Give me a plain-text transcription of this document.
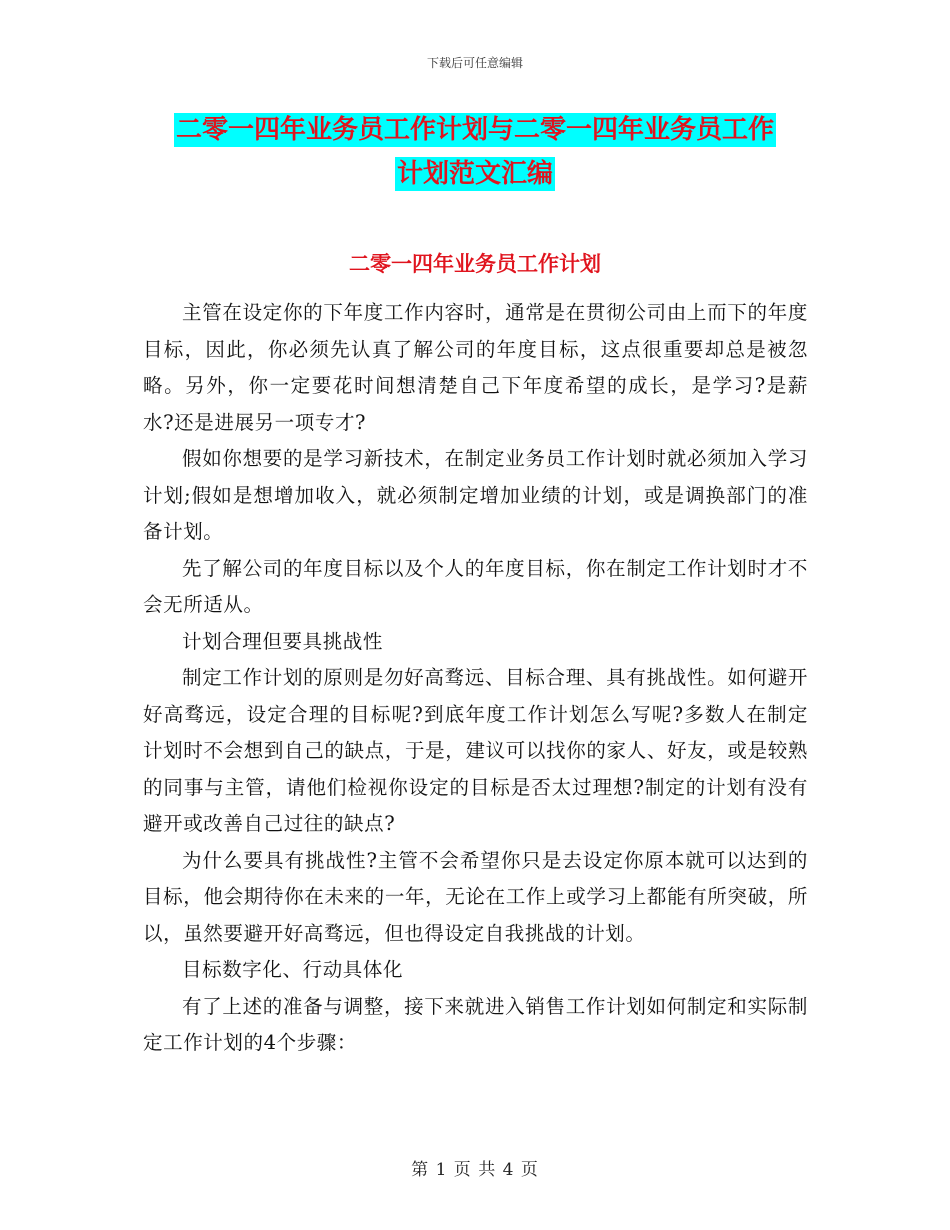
下载后可任意编辑
二零一四年业务员工作计划与二零一四年业务员工作
计划范文汇编
二零一四年业务员工作计划

主管在设定你的下年度工作内容时，通常是在贯彻公司由上而下的年度目标，因此，你必须先认真了解公司的年度目标，这点很重要却总是被忽略。另外，你一定要花时间想清楚自己下年度希望的成长，是学习?是薪水?还是进展另一项专才?

假如你想要的是学习新技术，在制定业务员工作计划时就必须加入学习计划;假如是想增加收入，就必须制定增加业绩的计划，或是调换部门的准备计划。

先了解公司的年度目标以及个人的年度目标，你在制定工作计划时才不会无所适从。

计划合理但要具挑战性

制定工作计划的原则是勿好高骛远、目标合理、具有挑战性。如何避开好高骛远，设定合理的目标呢?到底年度工作计划怎么写呢?多数人在制定计划时不会想到自己的缺点，于是，建议可以找你的家人、好友，或是较熟的同事与主管，请他们检视你设定的目标是否太过理想?制定的计划有没有避开或改善自己过往的缺点?

为什么要具有挑战性?主管不会希望你只是去设定你原本就可以达到的目标，他会期待你在未来的一年，无论在工作上或学习上都能有所突破，所以，虽然要避开好高骛远，但也得设定自我挑战的计划。

目标数字化、行动具体化

有了上述的准备与调整，接下来就进入销售工作计划如何制定和实际制定工作计划的4个步骤：

第 1 页 共 4 页
